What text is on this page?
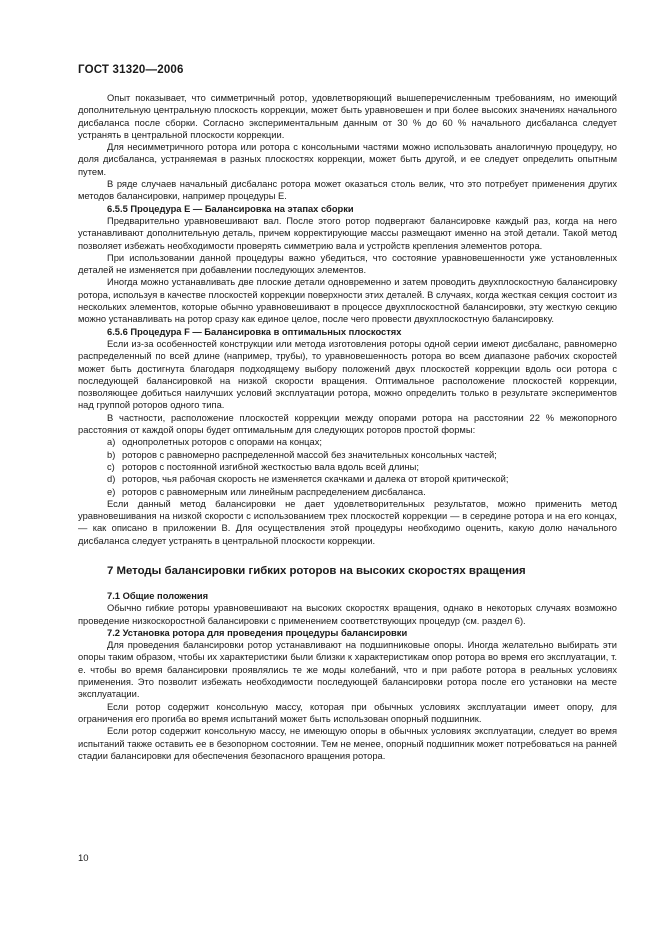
ГОСТ 31320—2006
Опыт показывает, что симметричный ротор, удовлетворяющий вышеперечисленным требованиям, но имеющий дополнительную центральную плоскость коррекции, может быть уравновешен и при более высоких значениях начального дисбаланса после сборки. Согласно экспериментальным данным от 30 % до 60 % начального дисбаланса следует устранять в центральной плоскости коррекции.
Для несимметричного ротора или ротора с консольными частями можно использовать аналогичную процедуру, но доля дисбаланса, устраняемая в разных плоскостях коррекции, может быть другой, и ее следует определить опытным путем.
В ряде случаев начальный дисбаланс ротора может оказаться столь велик, что это потребует применения других методов балансировки, например процедуры Е.
6.5.5 Процедура Е — Балансировка на этапах сборки
Предварительно уравновешивают вал. После этого ротор подвергают балансировке каждый раз, когда на него устанавливают дополнительную деталь, причем корректирующие массы размещают именно на этой детали. Такой метод позволяет избежать необходимости проверять симметрию вала и устройств крепления элементов ротора.
При использовании данной процедуры важно убедиться, что состояние уравновешенности уже установленных деталей не изменяется при добавлении последующих элементов.
Иногда можно устанавливать две плоские детали одновременно и затем проводить двухплоскостную балансировку ротора, используя в качестве плоскостей коррекции поверхности этих деталей. В случаях, когда жесткая секция состоит из нескольких элементов, которые обычно уравновешивают в процессе двухплоскостной балансировки, эту жесткую секцию можно устанавливать на ротор сразу как единое целое, после чего провести двухплоскостную балансировку.
6.5.6 Процедура F — Балансировка в оптимальных плоскостях
Если из-за особенностей конструкции или метода изготовления роторы одной серии имеют дисбаланс, равномерно распределенный по всей длине (например, трубы), то уравновешенность ротора во всем диапазоне рабочих скоростей может быть достигнута благодаря подходящему выбору положений двух плоскостей коррекции вдоль оси ротора с последующей балансировкой на низкой скорости вращения. Оптимальное расположение плоскостей коррекции, позволяющее добиться наилучших условий эксплуатации ротора, можно определить только в результате экспериментов над группой роторов одного типа.
В частности, расположение плоскостей коррекции между опорами ротора на расстоянии 22 % межопорного расстояния от каждой опоры будет оптимальным для следующих роторов простой формы:
a) однопролетных роторов с опорами на концах;
b) роторов с равномерно распределенной массой без значительных консольных частей;
c) роторов с постоянной изгибной жесткостью вала вдоль всей длины;
d) роторов, чья рабочая скорость не изменяется скачками и далека от второй критической;
e) роторов с равномерным или линейным распределением дисбаланса.
Если данный метод балансировки не дает удовлетворительных результатов, можно применить метод уравновешивания на низкой скорости с использованием трех плоскостей коррекции — в середине ротора и на его концах, — как описано в приложении В. Для осуществления этой процедуры необходимо оценить, какую долю начального дисбаланса следует устранять в центральной плоскости коррекции.
7 Методы балансировки гибких роторов на высоких скоростях вращения
7.1 Общие положения
Обычно гибкие роторы уравновешивают на высоких скоростях вращения, однако в некоторых случаях возможно проведение низкоскоростной балансировки с применением соответствующих процедур (см. раздел 6).
7.2 Установка ротора для проведения процедуры балансировки
Для проведения балансировки ротор устанавливают на подшипниковые опоры. Иногда желательно выбирать эти опоры таким образом, чтобы их характеристики были близки к характеристикам опор ротора во время его эксплуатации, т. е. чтобы во время балансировки проявлялись те же моды колебаний, что и при работе ротора в реальных условиях применения. Это позволит избежать необходимости последующей балансировки ротора после его установки на месте эксплуатации.
Если ротор содержит консольную массу, которая при обычных условиях эксплуатации имеет опору, для ограничения его прогиба во время испытаний может быть использован опорный подшипник.
Если ротор содержит консольную массу, не имеющую опоры в обычных условиях эксплуатации, следует во время испытаний также оставить ее в безопорном состоянии. Тем не менее, опорный подшипник может потребоваться на ранней стадии балансировки для обеспечения безопасного вращения ротора.
10
